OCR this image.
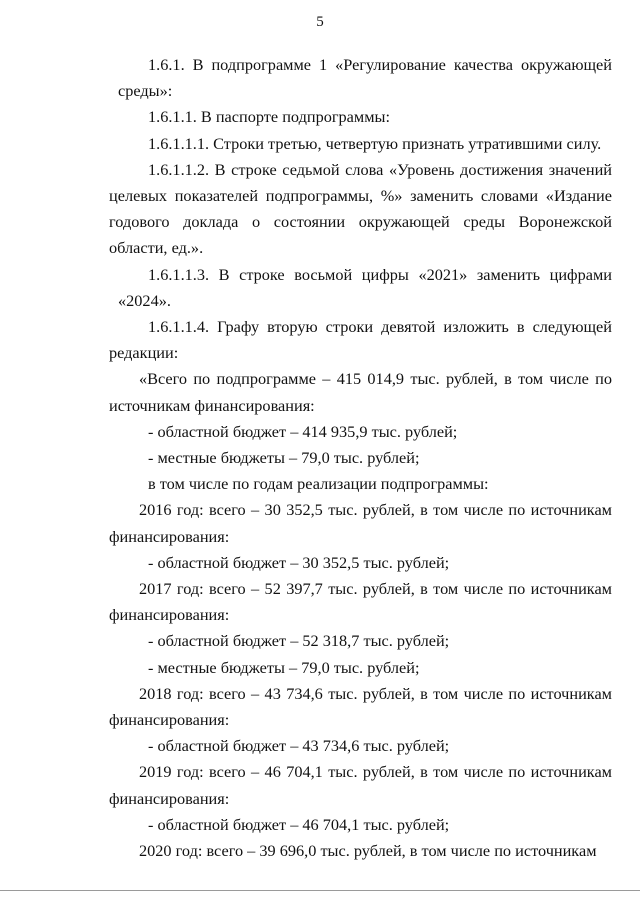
5

1.6.1. В подпрограмме 1 «Регулирование качества окружающей среды»:

1.6.1.1. В паспорте подпрограммы:

1.6.1.1.1. Строки третью, четвертую признать утратившими силу.

1.6.1.1.2. В строке седьмой слова «Уровень достижения значений целевых показателей подпрограммы, %» заменить словами «Издание годового доклада о состоянии окружающей среды Воронежской области, ед.».

1.6.1.1.3. В строке восьмой цифры «2021» заменить цифрами «2024».

1.6.1.1.4. Графу вторую строки девятой изложить в следующей редакции:

«Всего по подпрограмме – 415 014,9 тыс. рублей, в том числе по источникам финансирования:

- областной бюджет – 414 935,9 тыс. рублей;

- местные бюджеты – 79,0 тыс. рублей;

в том числе по годам реализации подпрограммы:

2016 год: всего – 30 352,5 тыс. рублей, в том числе по источникам финансирования:

- областной бюджет – 30 352,5 тыс. рублей;

2017 год: всего – 52 397,7 тыс. рублей, в том числе по источникам финансирования:

- областной бюджет – 52 318,7 тыс. рублей;

- местные бюджеты – 79,0 тыс. рублей;

2018 год: всего – 43 734,6 тыс. рублей, в том числе по источникам финансирования:

- областной бюджет – 43 734,6 тыс. рублей;

2019 год: всего – 46 704,1 тыс. рублей, в том числе по источникам финансирования:

- областной бюджет – 46 704,1 тыс. рублей;

2020 год: всего – 39 696,0 тыс. рублей, в том числе по источникам
